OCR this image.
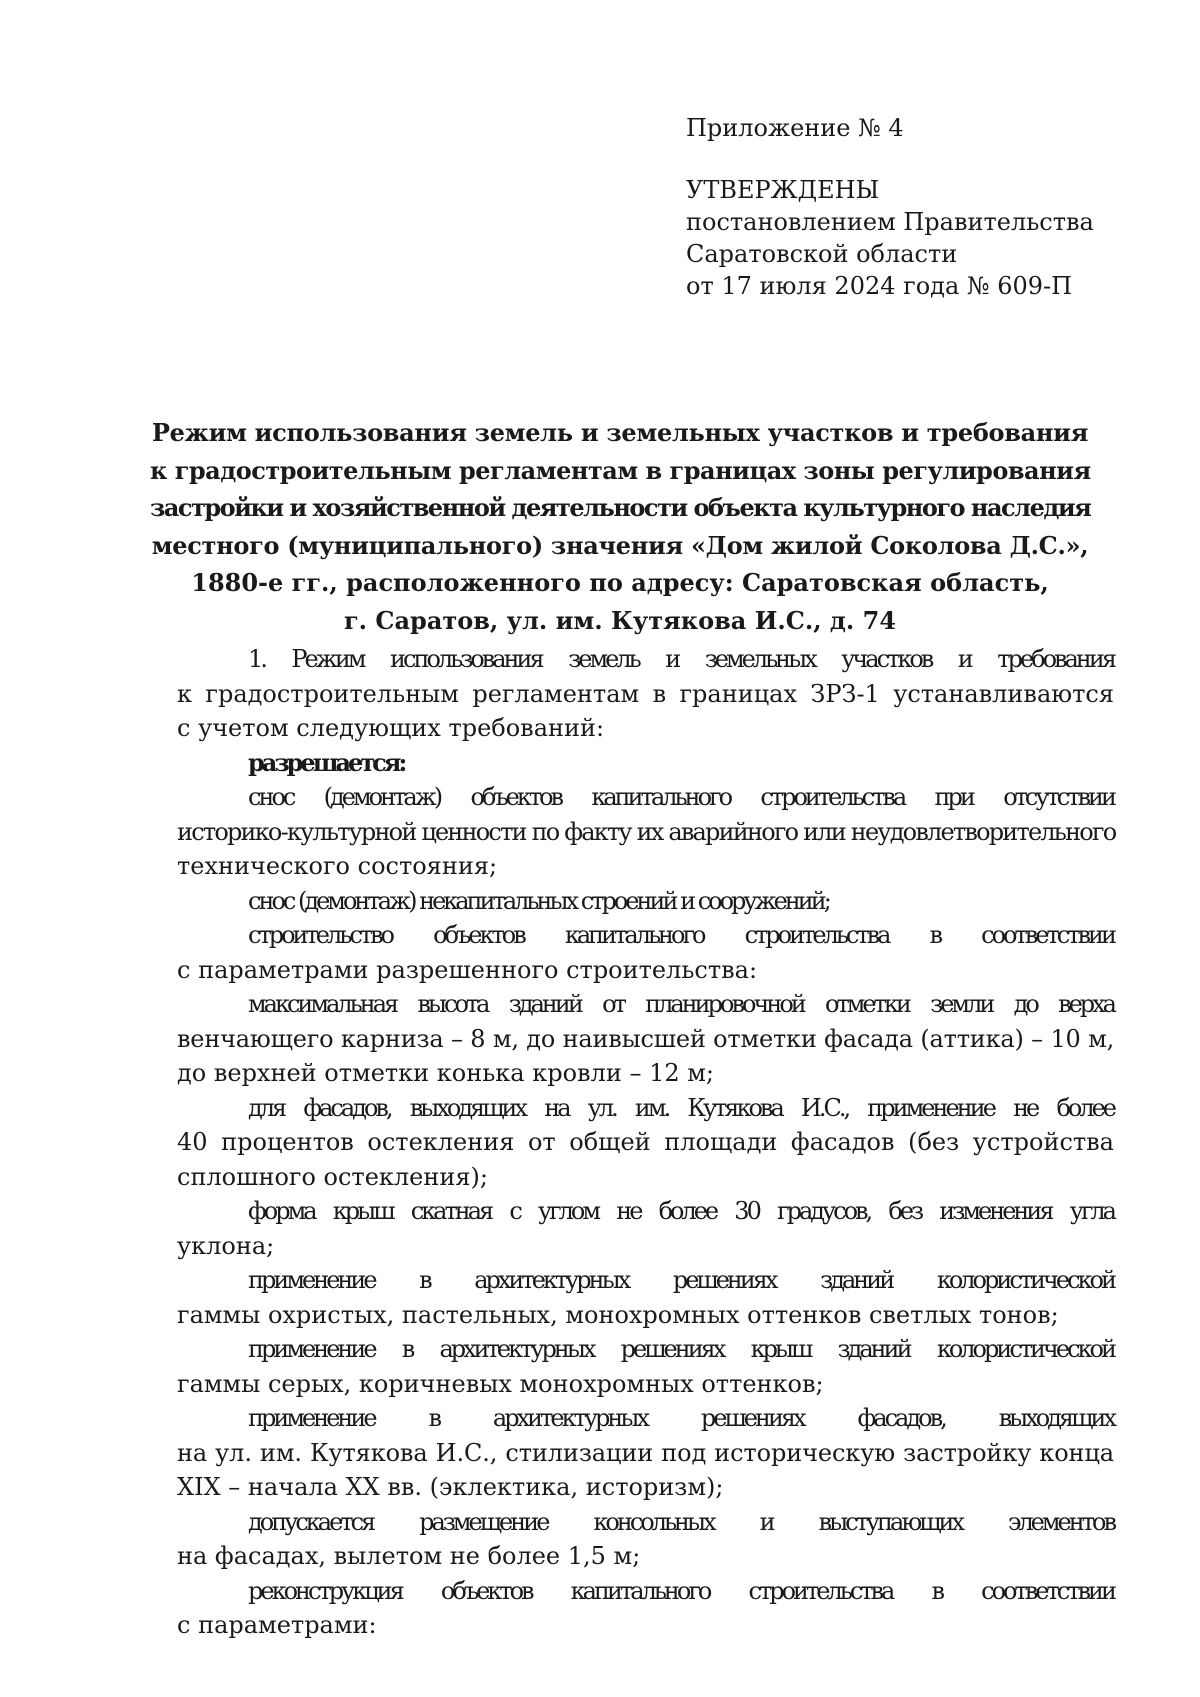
Приложение № 4
УТВЕРЖДЕНЫ
постановлением Правительства
Саратовской области
от 17 июля 2024 года № 609-П
Режим использования земель и земельных участков и требования
к градостроительным регламентам в границах зоны регулирования
застройки и хозяйственной деятельности объекта культурного наследия
местного (муниципального) значения «Дом жилой Соколова Д.С.»,
1880-е гг., расположенного по адресу: Саратовская область,
г. Саратов, ул. им. Кутякова И.С., д. 74
1. Режим использования земель и земельных участков и требования
к градостроительным регламентам в границах ЗРЗ-1 устанавливаются
с учетом следующих требований:
разрешается:
снос (демонтаж) объектов капитального строительства при отсутствии
историко-культурной ценности по факту их аварийного или неудовлетворительного
технического состояния;
снос (демонтаж) некапитальных строений и сооружений;
строительство объектов капитального строительства в соответствии
с параметрами разрешенного строительства:
максимальная высота зданий от планировочной отметки земли до верха
венчающего карниза – 8 м, до наивысшей отметки фасада (аттика) – 10 м,
до верхней отметки конька кровли – 12 м;
для фасадов, выходящих на ул. им. Кутякова И.С., применение не более
40 процентов остекления от общей площади фасадов (без устройства
сплошного остекления);
форма крыш скатная с углом не более 30 градусов, без изменения угла
уклона;
применение в архитектурных решениях зданий колористической
гаммы охристых, пастельных, монохромных оттенков светлых тонов;
применение в архитектурных решениях крыш зданий колористической
гаммы серых, коричневых монохромных оттенков;
применение в архитектурных решениях фасадов, выходящих
на ул. им. Кутякова И.С., стилизации под историческую застройку конца
XIX – начала XX вв. (эклектика, историзм);
допускается размещение консольных и выступающих элементов
на фасадах, вылетом не более 1,5 м;
реконструкция объектов капитального строительства в соответствии
с параметрами:
